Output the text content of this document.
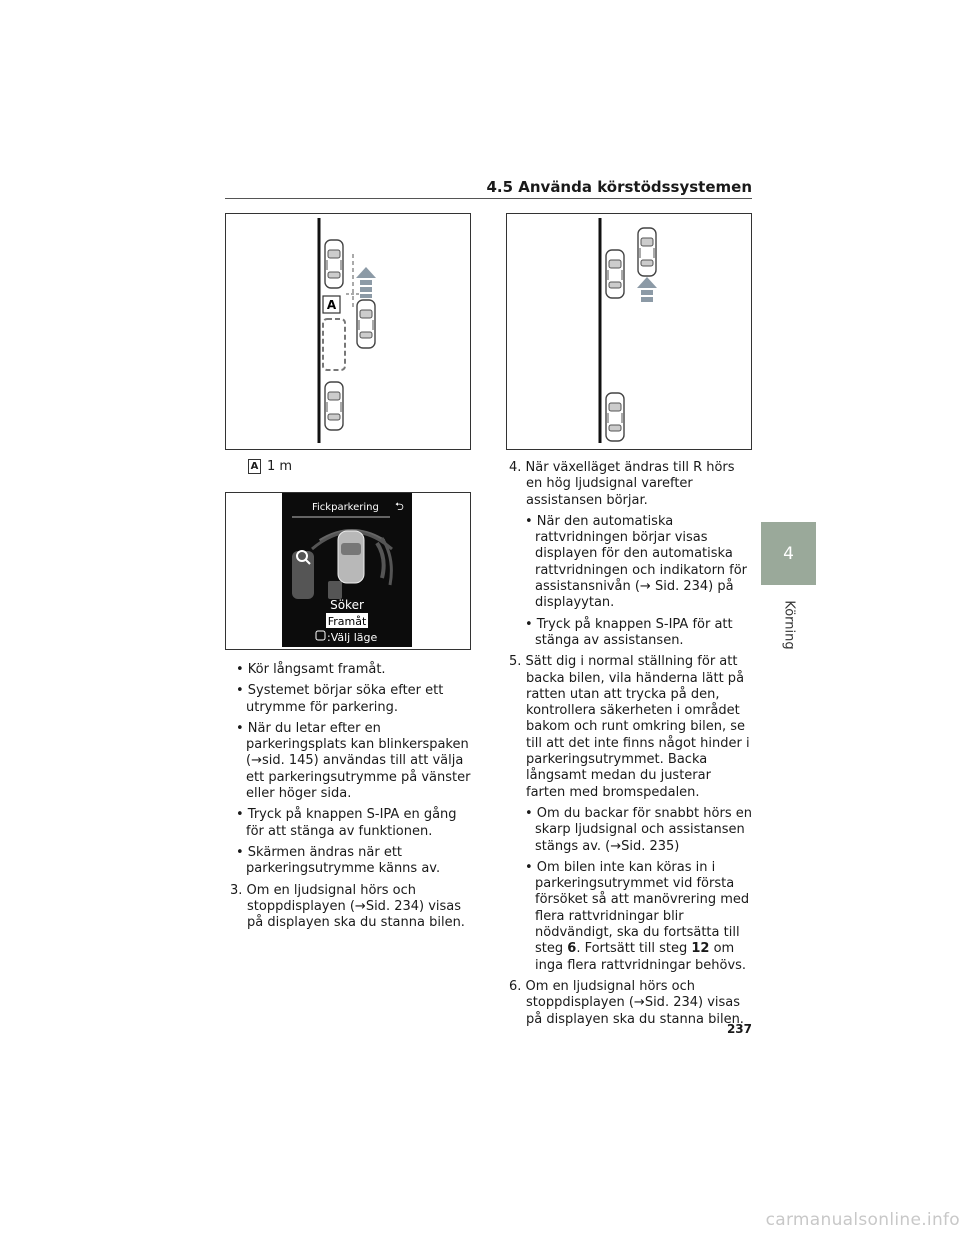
4.5 Använda körstödssystemen
A
A 1 m
Fickparkering ⮌
Söker
Framåt
:Välj läge
4
Körning

• Kör långsamt framåt.

• Systemet börjar söka efter ett utrymme för parkering.

• När du letar efter en parkeringsplats kan blinkerspaken (→sid. 145) användas till att välja ett parkeringsutrymme på vänster eller höger sida.

• Tryck på knappen S-IPA en gång för att stänga av funktionen.

• Skärmen ändras när ett parkeringsutrymme känns av.

3. Om en ljudsignal hörs och stoppdisplayen (→Sid. 234) visas på displayen ska du stanna bilen.

4. När växelläget ändras till R hörs en hög ljudsignal varefter assistansen börjar.

• När den automatiska rattvridningen börjar visas displayen för den automatiska rattvridningen och indikatorn för assistansnivån (→ Sid. 234) på displayytan.

• Tryck på knappen S-IPA för att stänga av assistansen.

5. Sätt dig i normal ställning för att backa bilen, vila händerna lätt på ratten utan att trycka på den, kontrollera säkerheten i området bakom och runt omkring bilen, se till att det inte finns något hinder i parkeringsutrymmet. Backa långsamt medan du justerar farten med bromspedalen.

• Om du backar för snabbt hörs en skarp ljudsignal och assistansen stängs av. (→Sid. 235)

• Om bilen inte kan köras in i parkeringsutrymmet vid första försöket så att manövrering med flera rattvridningar blir nödvändigt, ska du fortsätta till steg 6. Fortsätt till steg 12 om inga flera rattvridningar behövs.

6. Om en ljudsignal hörs och stoppdisplayen (→Sid. 234) visas på displayen ska du stanna bilen.

237
carmanualsonline.info
